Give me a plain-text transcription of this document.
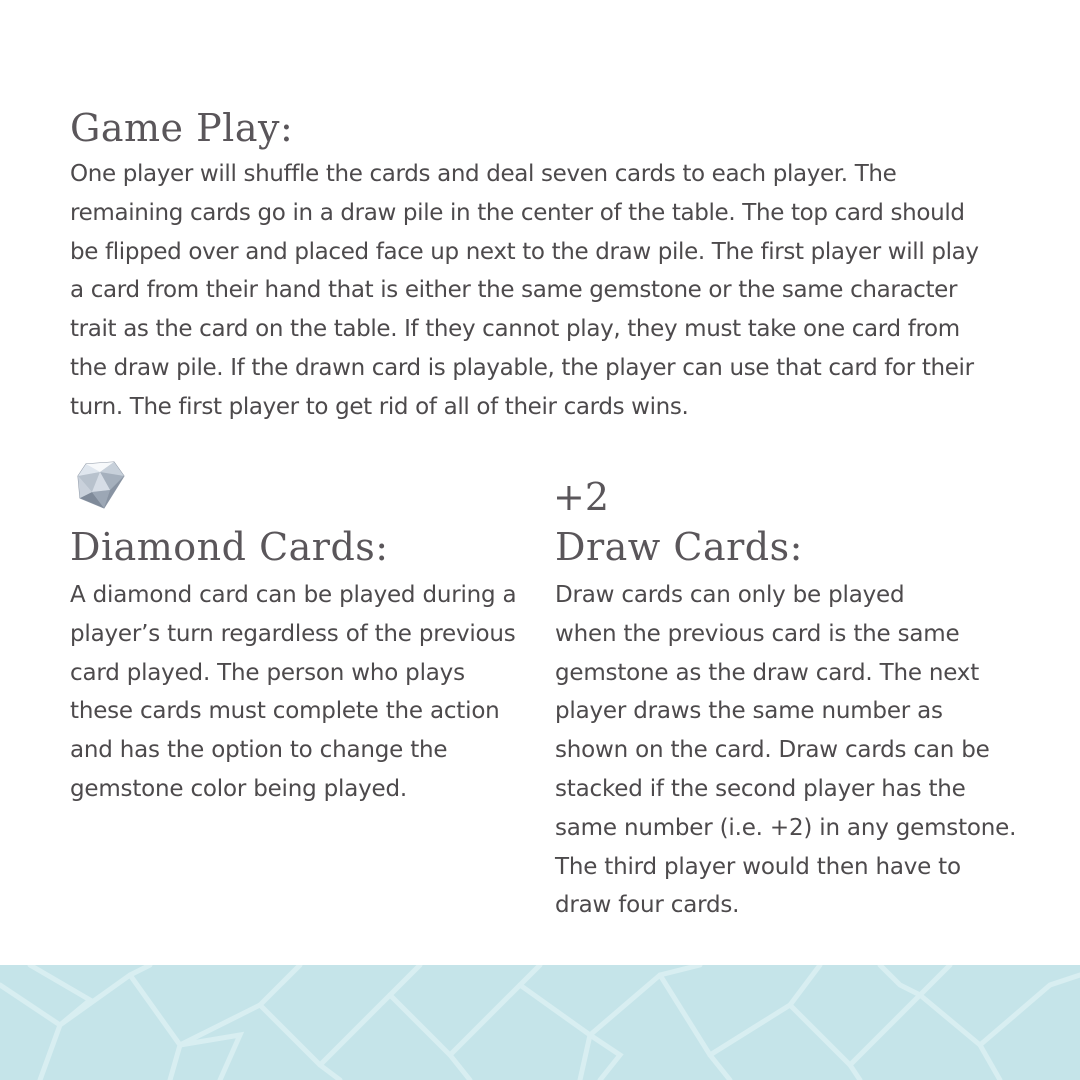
Game Play:

One player will shuffle the cards and deal seven cards to each player. The
remaining cards go in a draw pile in the center of the table. The top card should
be flipped over and placed face up next to the draw pile. The first player will play
a card from their hand that is either the same gemstone or the same character
trait as the card on the table. If they cannot play, they must take one card from
the draw pile. If the drawn card is playable, the player can use that card for their
turn. The first player to get rid of all of their cards wins.

Diamond Cards:

A diamond card can be played during a
player’s turn regardless of the previous
card played. The person who plays
these cards must complete the action
and has the option to change the
gemstone color being played.

+2
Draw Cards:

Draw cards can only be played
when the previous card is the same
gemstone as the draw card. The next
player draws the same number as
shown on the card. Draw cards can be
stacked if the second player has the
same number (i.e. +2) in any gemstone.
The third player would then have to
draw four cards.
